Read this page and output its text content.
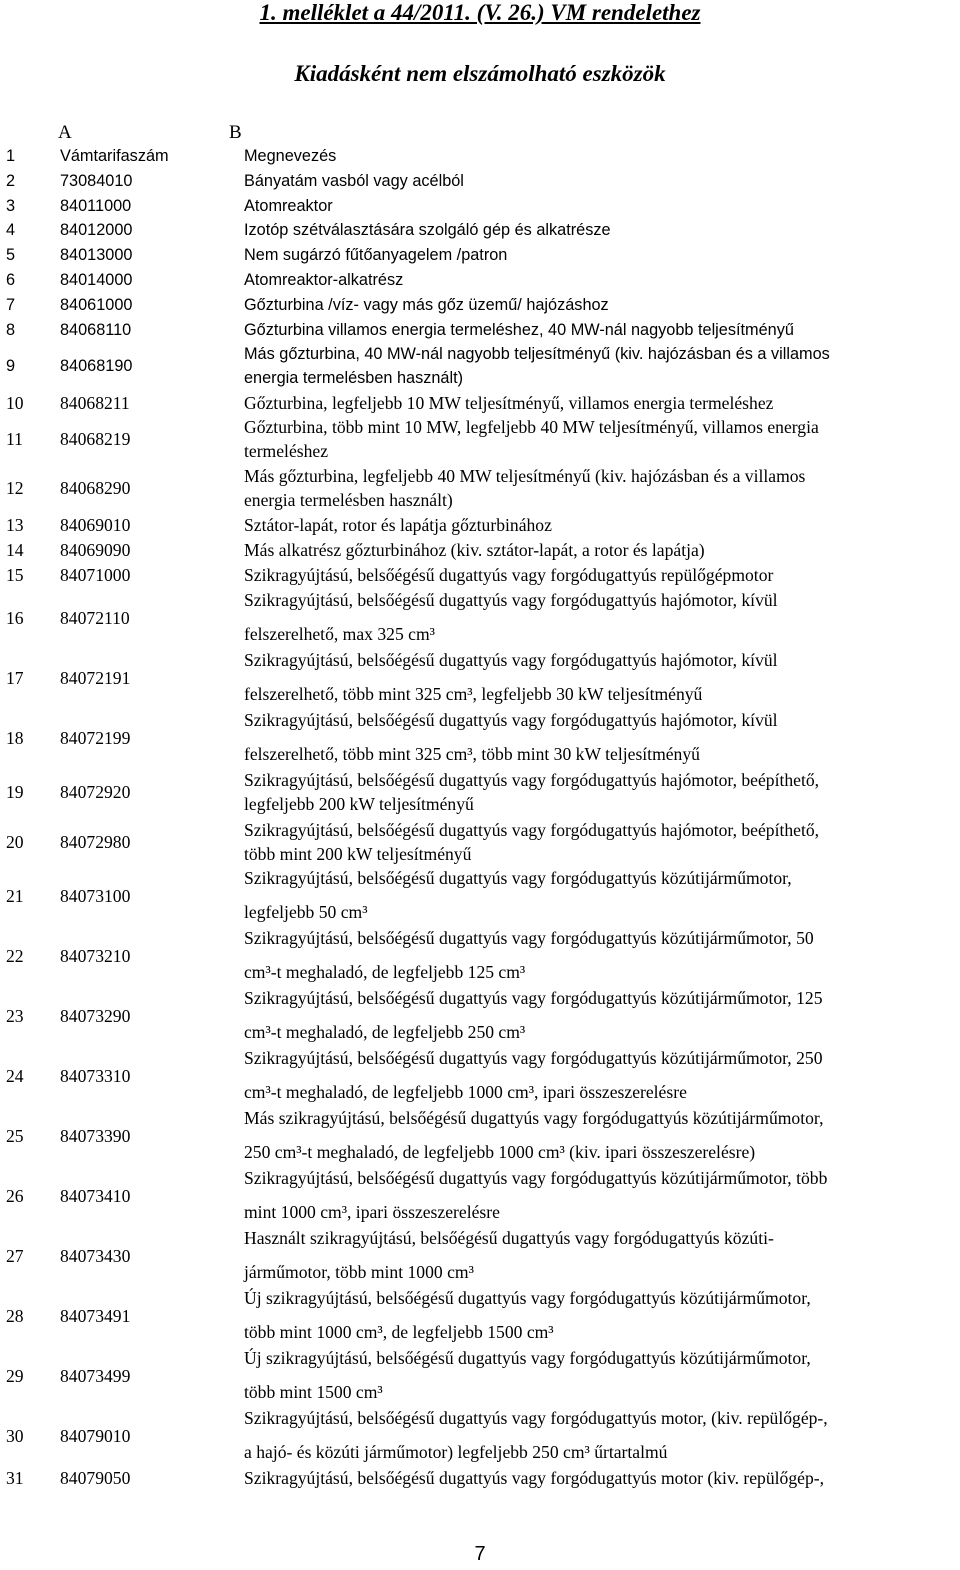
1. melléklet a 44/2011. (V. 26.) VM rendelethez
Kiadásként nem elszámolható eszközök
A	B
1	Vámtarifaszám	Megnevezés
2	73084010	Bányatám vasból vagy acélból
3	84011000	Atomreaktor
4	84012000	Izotóp szétválasztására szolgáló gép és alkatrésze
5	84013000	Nem sugárzó fűtőanyagelem /patron
6	84014000	Atomreaktor-alkatrész
7	84061000	Gőzturbina /víz- vagy más gőz üzemű/ hajózáshoz
8	84068110	Gőzturbina villamos energia termeléshez, 40 MW-nál nagyobb teljesítményű
9	84068190
Más gőzturbina, 40 MW-nál nagyobb teljesítményű (kiv. hajózásban és a villamos
energia termelésben használt)
10 84068211	Gőzturbina, legfeljebb 10 MW teljesítményű, villamos energia termeléshez
11 84068219
Gőzturbina, több mint 10 MW, legfeljebb 40 MW teljesítményű, villamos energia
termeléshez
12 84068290
Más gőzturbina, legfeljebb 40 MW teljesítményű (kiv. hajózásban és a villamos
energia termelésben használt)
13 84069010	Sztátor-lapát, rotor és lapátja gőzturbinához
14 84069090	Más alkatrész gőzturbinához (kiv. sztátor-lapát, a rotor és lapátja)
15 84071000	Szikragyújtású, belsőégésű dugattyús vagy forgódugattyús repülőgépmotor
16 84072110
Szikragyújtású, belsőégésű dugattyús vagy forgódugattyús hajómotor, kívül
felszerelhető, max 325 cm³
17 84072191
Szikragyújtású, belsőégésű dugattyús vagy forgódugattyús hajómotor, kívül
felszerelhető, több mint 325 cm³, legfeljebb 30 kW teljesítményű
18 84072199
Szikragyújtású, belsőégésű dugattyús vagy forgódugattyús hajómotor, kívül
felszerelhető, több mint 325 cm³, több mint 30 kW teljesítményű
19 84072920
Szikragyújtású, belsőégésű dugattyús vagy forgódugattyús hajómotor, beépíthető,
legfeljebb 200 kW teljesítményű
20 84072980
Szikragyújtású, belsőégésű dugattyús vagy forgódugattyús hajómotor, beépíthető,
több mint 200 kW teljesítményű
21 84073100
Szikragyújtású, belsőégésű dugattyús vagy forgódugattyús közútijárműmotor,
legfeljebb 50 cm³
22 84073210
Szikragyújtású, belsőégésű dugattyús vagy forgódugattyús közútijárműmotor, 50
cm³-t meghaladó, de legfeljebb 125 cm³
23 84073290
Szikragyújtású, belsőégésű dugattyús vagy forgódugattyús közútijárműmotor, 125
cm³-t meghaladó, de legfeljebb 250 cm³
24 84073310
Szikragyújtású, belsőégésű dugattyús vagy forgódugattyús közútijárműmotor, 250
cm³-t meghaladó, de legfeljebb 1000 cm³, ipari összeszerelésre
25 84073390
Más szikragyújtású, belsőégésű dugattyús vagy forgódugattyús közútijárműmotor,
250 cm³-t meghaladó, de legfeljebb 1000 cm³ (kiv. ipari összeszerelésre)
26 84073410
Szikragyújtású, belsőégésű dugattyús vagy forgódugattyús közútijárműmotor, több
mint 1000 cm³, ipari összeszerelésre
27 84073430
Használt szikragyújtású, belsőégésű dugattyús vagy forgódugattyús közúti-
járműmotor, több mint 1000 cm³
28 84073491
Új szikragyújtású, belsőégésű dugattyús vagy forgódugattyús közútijárműmotor,
több mint 1000 cm³, de legfeljebb 1500 cm³
29 84073499
Új szikragyújtású, belsőégésű dugattyús vagy forgódugattyús közútijárműmotor,
több mint 1500 cm³
30 84079010
Szikragyújtású, belsőégésű dugattyús vagy forgódugattyús motor, (kiv. repülőgép-,
a hajó- és közúti járműmotor) legfeljebb 250 cm³ űrtartalmú
31 84079050	Szikragyújtású, belsőégésű dugattyús vagy forgódugattyús motor (kiv. repülőgép-,
7
